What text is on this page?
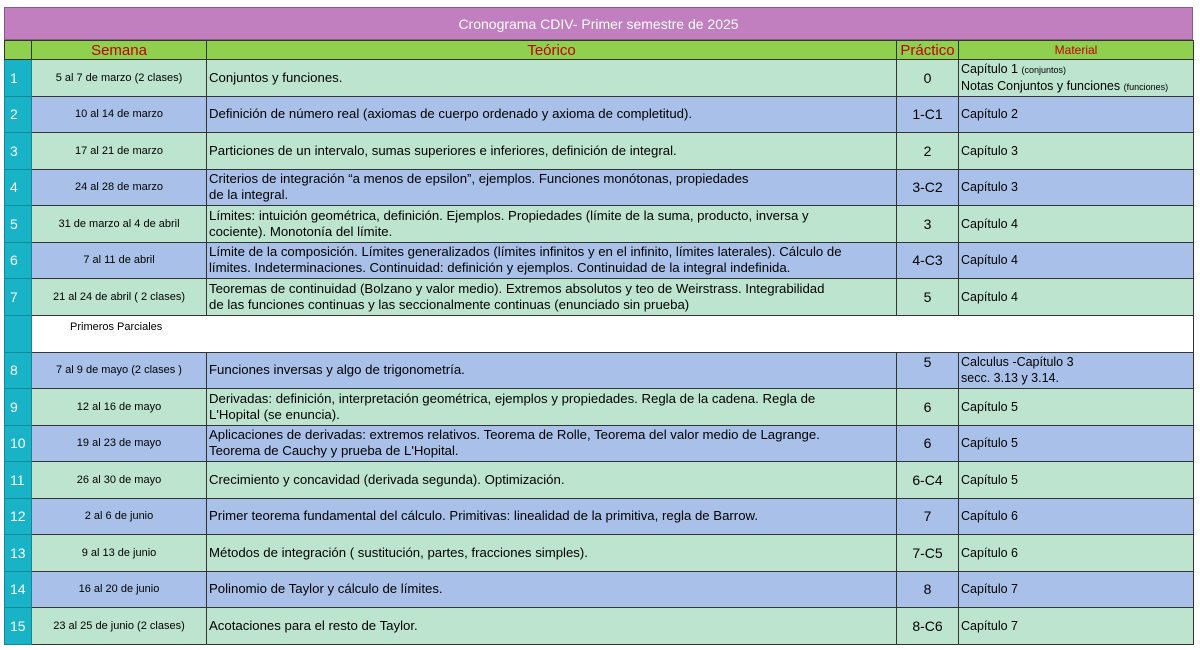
Cronograma CDIV- Primer semestre de 2025
	Semana	Teórico	Práctico	Material
1	5 al 7 de marzo (2 clases)	Conjuntos y funciones.	0	Capítulo 1 (conjuntos)
Notas Conjuntos y funciones (funciones)

2	10 al 14 de marzo	Definición de número real (axiomas de cuerpo ordenado y axioma de completitud).	1-C1	Capítulo 2

3	17 al 21 de marzo	Particiones de un intervalo, sumas superiores e inferiores, definición de integral.	2	Capítulo 3

4	24 al 28 de marzo	Criterios de integración “a menos de epsilon”, ejemplos. Funciones monótonas, propiedades
de la integral.	3-C2	Capítulo 3

5	31 de marzo al 4 de abril	Límites: intuición geométrica, definición. Ejemplos. Propiedades (límite de la suma, producto, inversa y
cociente). Monotonía del límite.	3	Capítulo 4

6	7 al 11 de abril	Límite de la composición. Límites generalizados (límites infinitos y en el infinito, límites laterales). Cálculo de
límites. Indeterminaciones. Continuidad: definición y ejemplos. Continuidad de la integral indefinida.	4-C3	Capítulo 4

7	21 al 24 de abril ( 2 clases)	Teoremas de continuidad (Bolzano y valor medio). Extremos absolutos y teo de Weirstrass. Integrabilidad
de las funciones continuas y las seccionalmente continuas (enunciado sin prueba)	5	Capítulo 4

	Primeros Parciales			
8	7 al 9 de mayo (2 clases )	Funciones inversas y algo de trigonometría.	5	Calculus -Capítulo 3
secc. 3.13 y 3.14.

9	12 al 16 de mayo	Derivadas: definición, interpretación geométrica, ejemplos y propiedades. Regla de la cadena. Regla de
L'Hopital (se enuncia).	6	Capítulo 5

10	19 al 23 de mayo	Aplicaciones de derivadas: extremos relativos. Teorema de Rolle, Teorema del valor medio de Lagrange.
Teorema de Cauchy y prueba de L'Hopital.	6	Capítulo 5

11	26 al 30 de mayo	Crecimiento y concavidad (derivada segunda). Optimización.	6-C4	Capítulo 5

12	2 al 6 de junio	Primer teorema fundamental del cálculo. Primitivas: linealidad de la primitiva, regla de Barrow.	7	Capítulo 6

13	9 al 13 de junio	Métodos de integración ( sustitución, partes, fracciones simples).	7-C5	Capítulo 6

14	16 al 20 de junio	Polinomio de Taylor y cálculo de límites.	8	Capítulo 7

15	23 al 25 de junio (2 clases)	Acotaciones para el resto de Taylor.	8-C6	Capítulo 7
